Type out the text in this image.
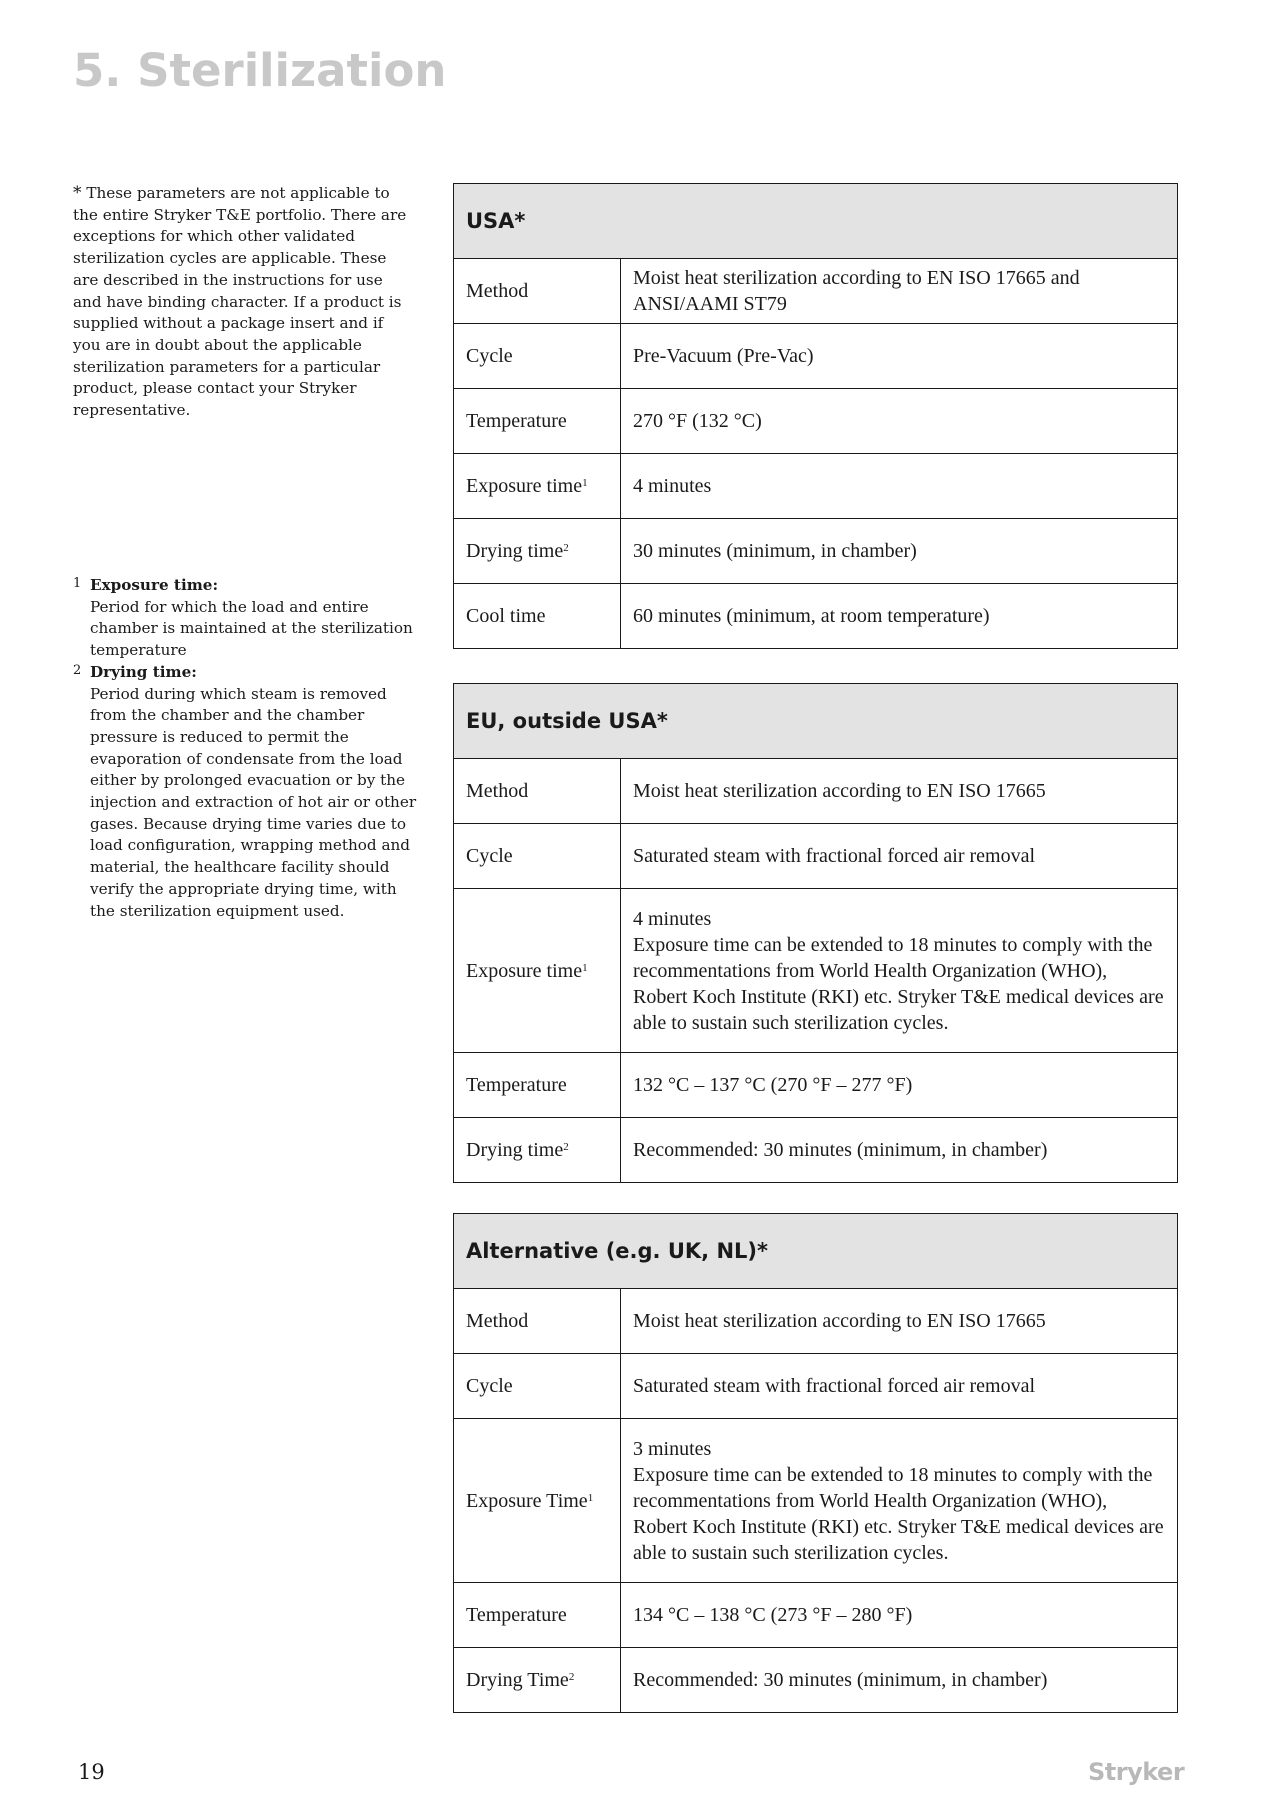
5. Sterilization
* These parameters are not applicable to the entire Stryker T&E portfolio. There are exceptions for which other validated sterilization cycles are applicable. These are described in the instructions for use and have binding character. If a product is supplied without a package insert and if you are in doubt about the applicable sterilization parameters for a particular product, please contact your Stryker representative.
1 Exposure time:
Period for which the load and entire chamber is maintained at the sterilization temperature
2 Drying time:
Period during which steam is removed from the chamber and the chamber pressure is reduced to permit the evaporation of condensate from the load either by prolonged evacuation or by the injection and extraction of hot air or other gases. Because drying time varies due to load configuration, wrapping method and material, the healthcare facility should verify the appropriate drying time, with the sterilization equipment used.
USA*	
Method	Moist heat sterilization according to EN ISO 17665 and ANSI/AAMI ST79
Cycle	Pre-Vacuum (Pre-Vac)
Temperature	270 °F (132 °C)
Exposure time$^1$	4 minutes
Drying time$^2$	30 minutes (minimum, in chamber)
Cool time	60 minutes (minimum, at room temperature)
EU, outside USA*	
Method	Moist heat sterilization according to EN ISO 17665
Cycle	Saturated steam with fractional forced air removal
Exposure time$^1$	4 minutes
Exposure time can be extended to 18 minutes to comply with the recommentations from World Health Organization (WHO), Robert Koch Institute (RKI) etc. Stryker T&E medical devices are able to sustain such sterilization cycles.

Temperature	132 °C – 137 °C (270 °F – 277 °F)
Drying time$^2$	Recommended: 30 minutes (minimum, in chamber)
Alternative (e.g. UK, NL)*	
Method	Moist heat sterilization according to EN ISO 17665
Cycle	Saturated steam with fractional forced air removal
Exposure Time$^1$	3 minutes
Exposure time can be extended to 18 minutes to comply with the recommentations from World Health Organization (WHO), Robert Koch Institute (RKI) etc. Stryker T&E medical devices are able to sustain such sterilization cycles.

Temperature	134 °C – 138 °C (273 °F – 280 °F)
Drying Time$^2$	Recommended: 30 minutes (minimum, in chamber)
19	Stryker
